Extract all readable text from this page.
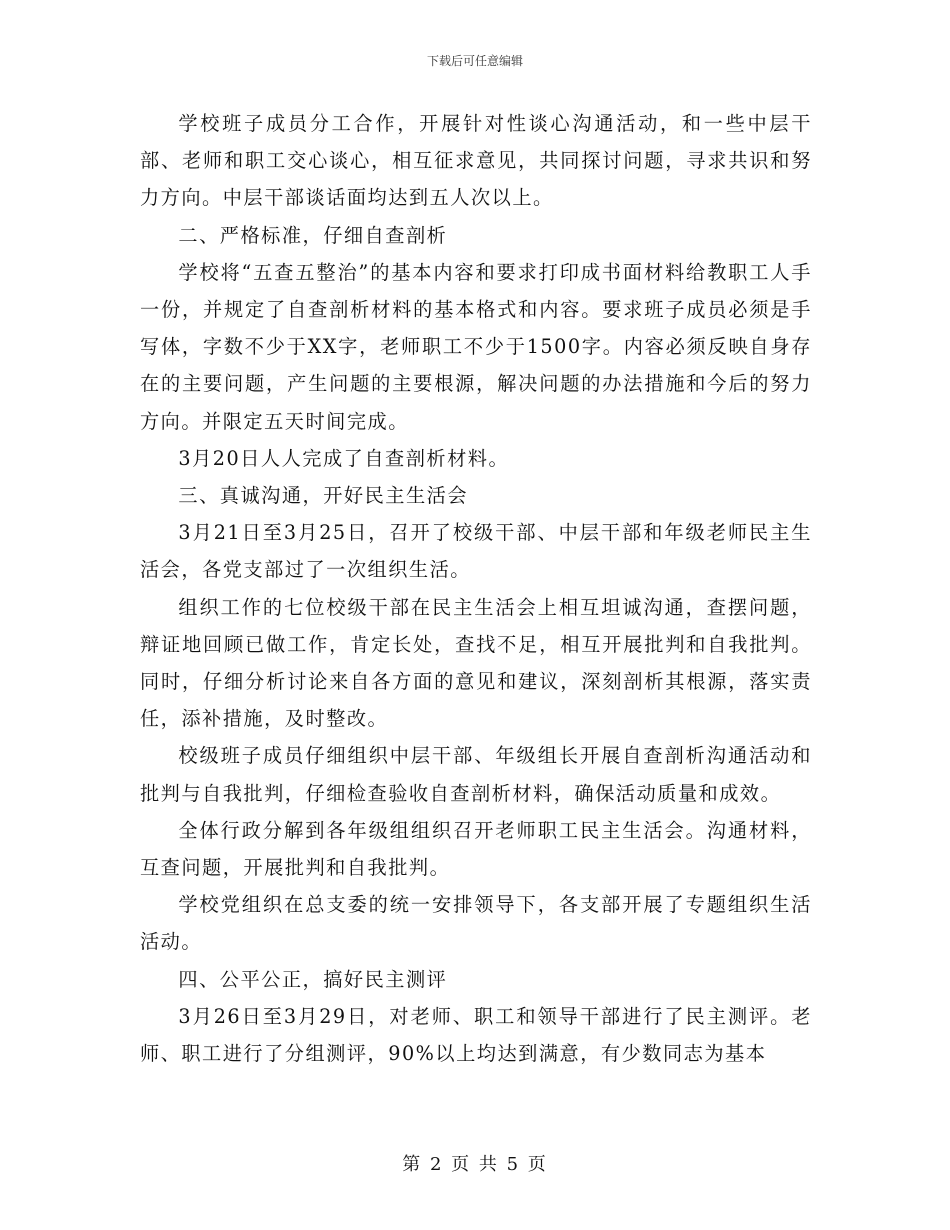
下载后可任意编辑

学校班子成员分工合作，开展针对性谈心沟通活动，和一些中层干部、老师和职工交心谈心，相互征求意见，共同探讨问题，寻求共识和努力方向。中层干部谈话面均达到五人次以上。

二、严格标准，仔细自查剖析

学校将“五查五整治”的基本内容和要求打印成书面材料给教职工人手一份，并规定了自查剖析材料的基本格式和内容。要求班子成员必须是手写体，字数不少于XX字，老师职工不少于1500字。内容必须反映自身存在的主要问题，产生问题的主要根源，解决问题的办法措施和今后的努力方向。并限定五天时间完成。

3月20日人人完成了自查剖析材料。

三、真诚沟通，开好民主生活会

3月21日至3月25日，召开了校级干部、中层干部和年级老师民主生活会，各党支部过了一次组织生活。

组织工作的七位校级干部在民主生活会上相互坦诚沟通，查摆问题，辩证地回顾已做工作，肯定长处，查找不足，相互开展批判和自我批判。同时，仔细分析讨论来自各方面的意见和建议，深刻剖析其根源，落实责任，添补措施，及时整改。

校级班子成员仔细组织中层干部、年级组长开展自查剖析沟通活动和批判与自我批判，仔细检查验收自查剖析材料，确保活动质量和成效。

全体行政分解到各年级组组织召开老师职工民主生活会。沟通材料，互查问题，开展批判和自我批判。

学校党组织在总支委的统一安排领导下，各支部开展了专题组织生活活动。

四、公平公正，搞好民主测评

3月26日至3月29日，对老师、职工和领导干部进行了民主测评。老师、职工进行了分组测评，90%以上均达到满意，有少数同志为基本

第 2 页 共 5 页
